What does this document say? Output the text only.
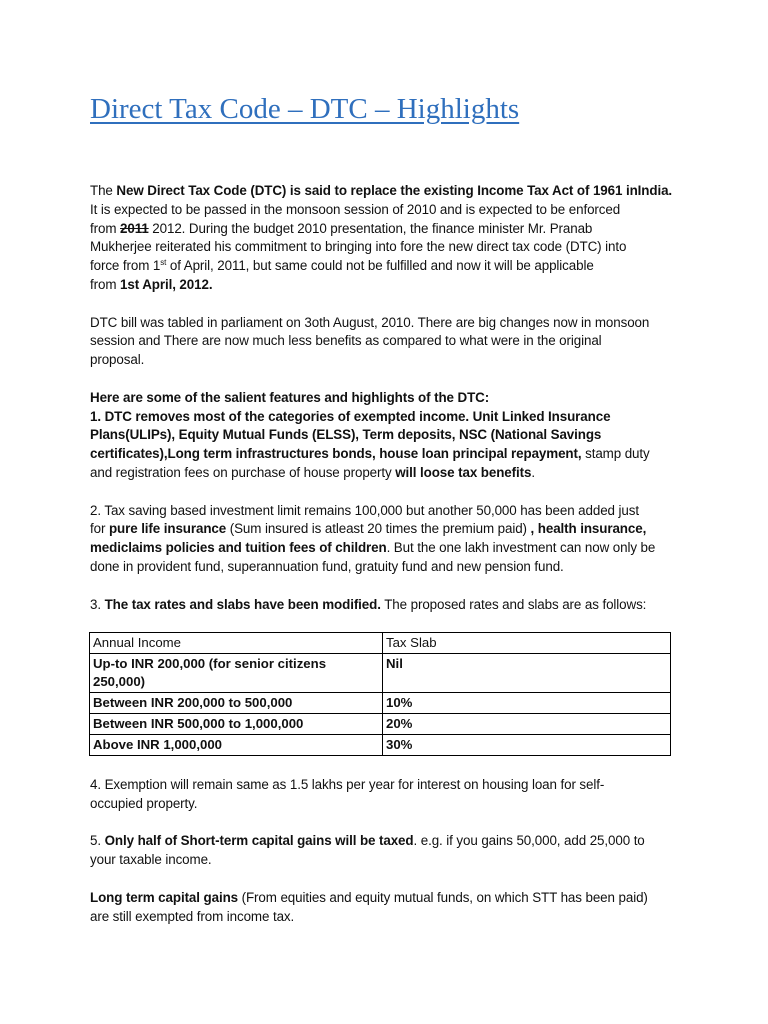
Direct Tax Code – DTC – Highlights

The New Direct Tax Code (DTC) is said to replace the existing Income Tax Act of 1961 inIndia.

It is expected to be passed in the monsoon session of 2010 and is expected to be enforced

from 2011 2012. During the budget 2010 presentation, the finance minister Mr. Pranab

Mukherjee reiterated his commitment to bringing into fore the new direct tax code (DTC) into

force from 1st of April, 2011, but same could not be fulfilled and now it will be applicable

from 1st April, 2012.

DTC bill was tabled in parliament on 3oth August, 2010. There are big changes now in monsoon

session and There are now much less benefits as compared to what were in the original

proposal.

Here are some of the salient features and highlights of the DTC:

1. DTC removes most of the categories of exempted income. Unit Linked Insurance

Plans(ULIPs), Equity Mutual Funds (ELSS), Term deposits, NSC (National Savings

certificates),Long term infrastructures bonds, house loan principal repayment, stamp duty

and registration fees on purchase of house property will loose tax benefits.

2. Tax saving based investment limit remains 100,000 but another 50,000 has been added just

for pure life insurance (Sum insured is atleast 20 times the premium paid) , health insurance,

mediclaims policies and tuition fees of children. But the one lakh investment can now only be

done in provident fund, superannuation fund, gratuity fund and new pension fund.

3. The tax rates and slabs have been modified. The proposed rates and slabs are as follows:

Annual Income	Tax Slab
Up-to INR 200,000 (for senior citizens 250,000)	Nil
Between INR 200,000 to 500,000	10%
Between INR 500,000 to 1,000,000	20%
Above INR 1,000,000	30%

4. Exemption will remain same as 1.5 lakhs per year for interest on housing loan for self-

occupied property.

5. Only half of Short-term capital gains will be taxed. e.g. if you gains 50,000, add 25,000 to

your taxable income.

Long term capital gains (From equities and equity mutual funds, on which STT has been paid)

are still exempted from income tax.
